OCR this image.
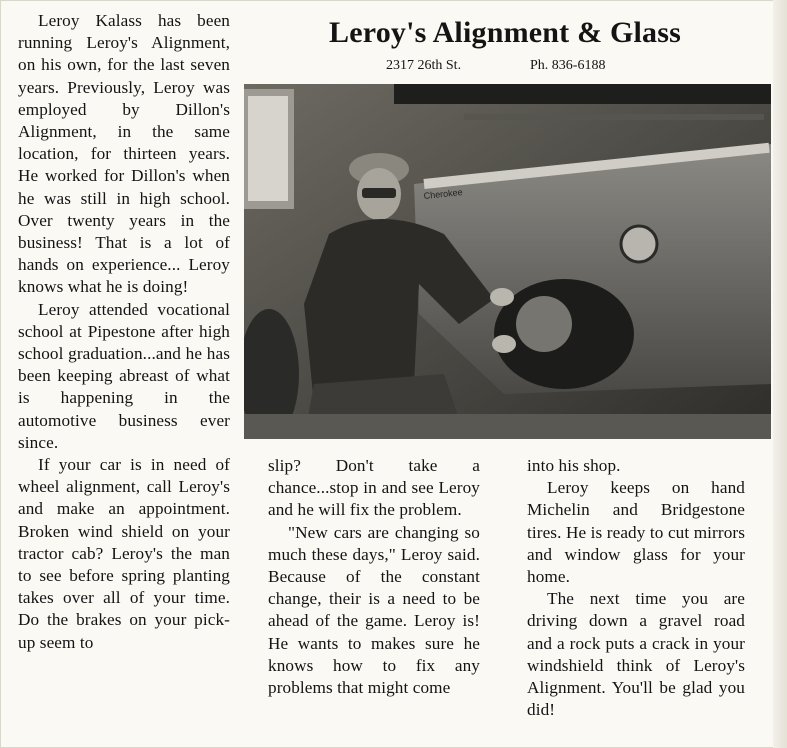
Leroy Kalass has been running Leroy's Alignment, on his own, for the last seven years. Previously, Leroy was employed by Dillon's Alignment, in the same location, for thirteen years. He worked for Dillon's when he was still in high school. Over twenty years in the business! That is a lot of hands on experience... Leroy knows what he is doing!

Leroy attended vocational school at Pipestone after high school graduation...and he has been keeping abreast of what is happening in the automotive business ever since.

If your car is in need of wheel alignment, call Leroy's and make an appointment. Broken wind shield on your tractor cab? Leroy's the man to see before spring planting takes over all of your time. Do the brakes on your pick-up seem to

Leroy's Alignment & Glass
2317 26th St.	Ph. 836-6188
Cherokee

slip? Don't take a chance...stop in and see Leroy and he will fix the problem.

"New cars are changing so much these days," Leroy said. Because of the constant change, their is a need to be ahead of the game. Leroy is! He wants to makes sure he knows how to fix any problems that might come

into his shop.

Leroy keeps on hand Michelin and Bridgestone tires. He is ready to cut mirrors and window glass for your home.

The next time you are driving down a gravel road and a rock puts a crack in your windshield think of Leroy's Alignment. You'll be glad you did!
